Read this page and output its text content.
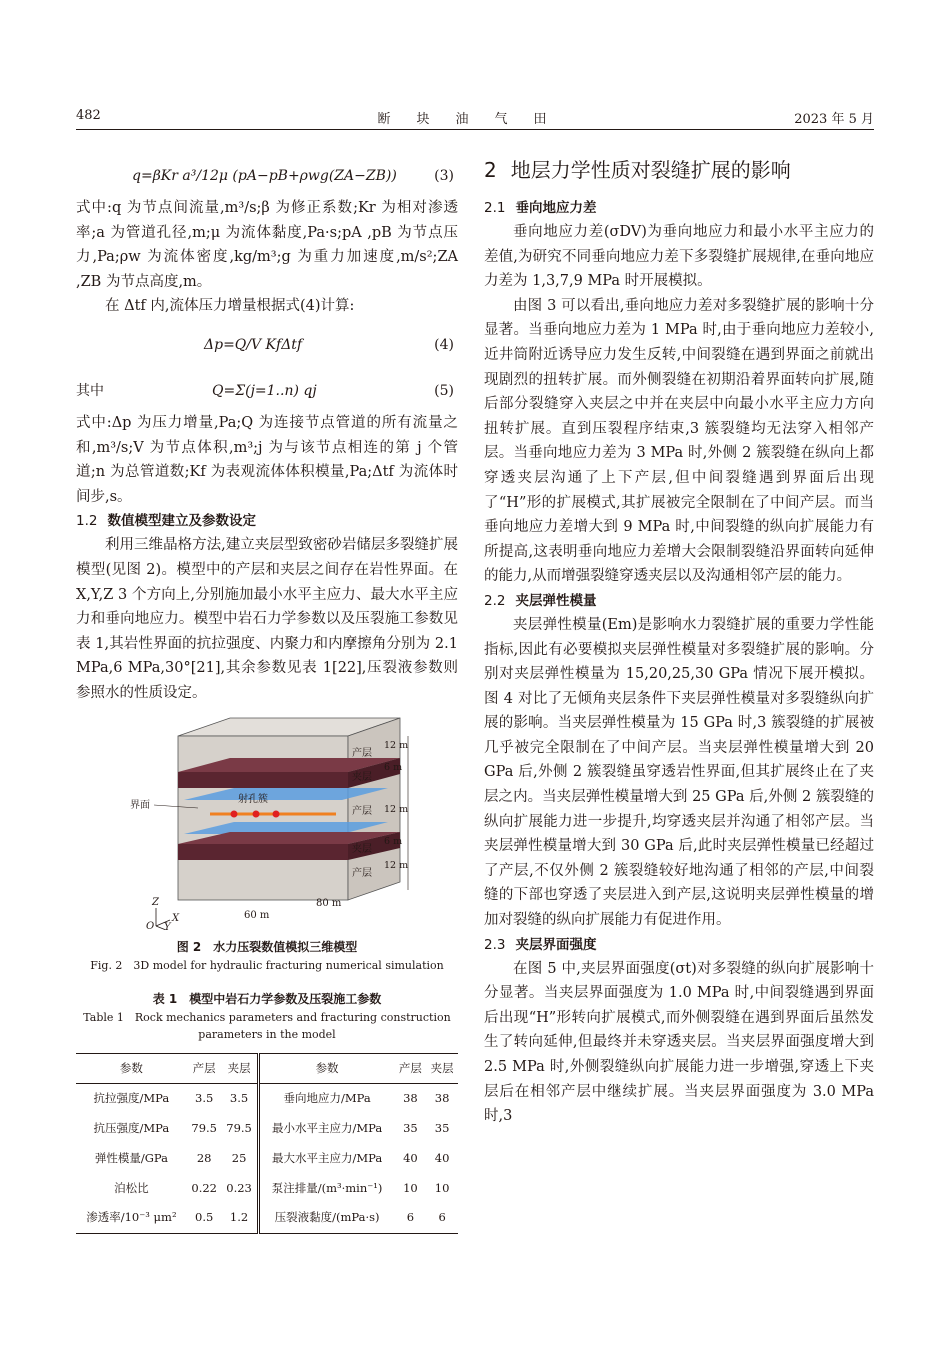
482	断块油气田	2023 年 5 月
q=βKr a³/12μ (pA−pB+ρwg(ZA−ZB))	(3)

式中:q 为节点间流量,m³/s;β 为修正系数;Kr 为相对渗透率;a 为管道孔径,m;μ 为流体黏度,Pa·s;pA ,pB 为节点压力,Pa;ρw 为流体密度,kg/m³;g 为重力加速度,m/s²;ZA ,ZB 为节点高度,m。

在 Δtf 内,流体压力增量根据式(4)计算:

Δp=Q/V KfΔtf	(4)
其中	Q=Σ(j=1..n) qj	(5)

式中:Δp 为压力增量,Pa;Q 为连接节点管道的所有流量之和,m³/s;V 为节点体积,m³;j 为与该节点相连的第 j 个管道;n 为总管道数;Kf 为表观流体体积模量,Pa;Δtf 为流体时间步,s。

1.2 数值模型建立及参数设定

利用三维晶格方法,建立夹层型致密砂岩储层多裂缝扩展模型(见图 2)。模型中的产层和夹层之间存在岩性界面。在 X,Y,Z 3 个方向上,分别施加最小水平主应力、最大水平主应力和垂向地应力。模型中岩石力学参数以及压裂施工参数见表 1,其岩性界面的抗拉强度、内聚力和内摩擦角分别为 2.1 MPa,6 MPa,30°[21],其余参数见表 1[22],压裂液参数则参照水的性质设定。

射孔簇
界面
产层
夹层
产层
夹层
产层
12 m
6 m
12 m
6 m
12 m
60 m
80 m
Z
X
O Y
图 2　水力压裂数值模拟三维模型
Fig. 2　3D model for hydraulic fracturing numerical simulation
表 1　模型中岩石力学参数及压裂施工参数
Table 1　Rock mechanics parameters and fracturing construction parameters in the model
参数	产层	夹层	参数	产层	夹层
抗拉强度/MPa	3.5	3.5	垂向地应力/MPa	38	38
抗压强度/MPa	79.5	79.5	最小水平主应力/MPa	35	35
弹性模量/GPa	28	25	最大水平主应力/MPa	40	40
泊松比	0.22	0.23	泵注排量/(m³·min⁻¹)	10	10
渗透率/10⁻³ μm²	0.5	1.2	压裂液黏度/(mPa·s)	6	6
2 地层力学性质对裂缝扩展的影响
2.1 垂向地应力差

垂向地应力差(σDV)为垂向地应力和最小水平主应力的差值,为研究不同垂向地应力差下多裂缝扩展规律,在垂向地应力差为 1,3,7,9 MPa 时开展模拟。

由图 3 可以看出,垂向地应力差对多裂缝扩展的影响十分显著。当垂向地应力差为 1 MPa 时,由于垂向地应力差较小,近井筒附近诱导应力发生反转,中间裂缝在遇到界面之前就出现剧烈的扭转扩展。而外侧裂缝在初期沿着界面转向扩展,随后部分裂缝穿入夹层之中并在夹层中向最小水平主应力方向扭转扩展。直到压裂程序结束,3 簇裂缝均无法穿入相邻产层。当垂向地应力差为 3 MPa 时,外侧 2 簇裂缝在纵向上都穿透夹层沟通了上下产层,但中间裂缝遇到界面后出现了“H”形的扩展模式,其扩展被完全限制在了中间产层。而当垂向地应力差增大到 9 MPa 时,中间裂缝的纵向扩展能力有所提高,这表明垂向地应力差增大会限制裂缝沿界面转向延伸的能力,从而增强裂缝穿透夹层以及沟通相邻产层的能力。

2.2 夹层弹性模量

夹层弹性模量(Em)是影响水力裂缝扩展的重要力学性能指标,因此有必要模拟夹层弹性模量对多裂缝扩展的影响。分别对夹层弹性模量为 15,20,25,30 GPa 情况下展开模拟。图 4 对比了无倾角夹层条件下夹层弹性模量对多裂缝纵向扩展的影响。当夹层弹性模量为 15 GPa 时,3 簇裂缝的扩展被几乎被完全限制在了中间产层。当夹层弹性模量增大到 20 GPa 后,外侧 2 簇裂缝虽穿透岩性界面,但其扩展终止在了夹层之内。当夹层弹性模量增大到 25 GPa 后,外侧 2 簇裂缝的纵向扩展能力进一步提升,均穿透夹层并沟通了相邻产层。当夹层弹性模量增大到 30 GPa 后,此时夹层弹性模量已经超过了产层,不仅外侧 2 簇裂缝较好地沟通了相邻的产层,中间裂缝的下部也穿透了夹层进入到产层,这说明夹层弹性模量的增加对裂缝的纵向扩展能力有促进作用。

2.3 夹层界面强度

在图 5 中,夹层界面强度(σt)对多裂缝的纵向扩展影响十分显著。当夹层界面强度为 1.0 MPa 时,中间裂缝遇到界面后出现“H”形转向扩展模式,而外侧裂缝在遇到界面后虽然发生了转向延伸,但最终并未穿透夹层。当夹层界面强度增大到 2.5 MPa 时,外侧裂缝纵向扩展能力进一步增强,穿透上下夹层后在相邻产层中继续扩展。当夹层界面强度为 3.0 MPa 时,3
